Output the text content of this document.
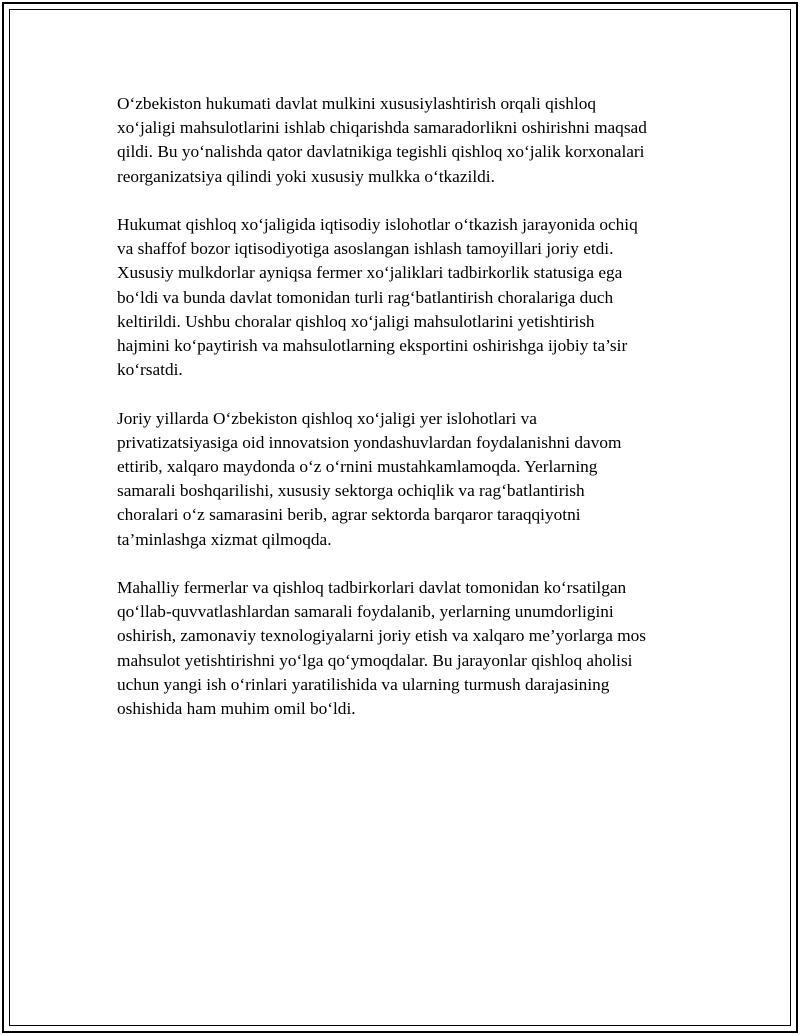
O‘zbekiston hukumati davlat mulkini xususiylashtirish orqali qishloq
xo‘jaligi mahsulotlarini ishlab chiqarishda samaradorlikni oshirishni maqsad
qildi. Bu yo‘nalishda qator davlatnikiga tegishli qishloq xo‘jalik korxonalari
reorganizatsiya qilindi yoki xususiy mulkka o‘tkazildi.

Hukumat qishloq xo‘jaligida iqtisodiy islohotlar o‘tkazish jarayonida ochiq
va shaffof bozor iqtisodiyotiga asoslangan ishlash tamoyillari joriy etdi.
Xususiy mulkdorlar ayniqsa fermer xo‘jaliklari tadbirkorlik statusiga ega
bo‘ldi va bunda davlat tomonidan turli rag‘batlantirish choralariga duch
keltirildi. Ushbu choralar qishloq xo‘jaligi mahsulotlarini yetishtirish
hajmini ko‘paytirish va mahsulotlarning eksportini oshirishga ijobiy ta’sir
ko‘rsatdi.

Joriy yillarda O‘zbekiston qishloq xo‘jaligi yer islohotlari va
privatizatsiyasiga oid innovatsion yondashuvlardan foydalanishni davom
ettirib, xalqaro maydonda o‘z o‘rnini mustahkamlamoqda. Yerlarning
samarali boshqarilishi, xususiy sektorga ochiqlik va rag‘batlantirish
choralari o‘z samarasini berib, agrar sektorda barqaror taraqqiyotni
ta’minlashga xizmat qilmoqda.

Mahalliy fermerlar va qishloq tadbirkorlari davlat tomonidan ko‘rsatilgan
qo‘llab-quvvatlashlardan samarali foydalanib, yerlarning unumdorligini
oshirish, zamonaviy texnologiyalarni joriy etish va xalqaro me’yorlarga mos
mahsulot yetishtirishni yo‘lga qo‘ymoqdalar. Bu jarayonlar qishloq aholisi
uchun yangi ish o‘rinlari yaratilishida va ularning turmush darajasining
oshishida ham muhim omil bo‘ldi.
